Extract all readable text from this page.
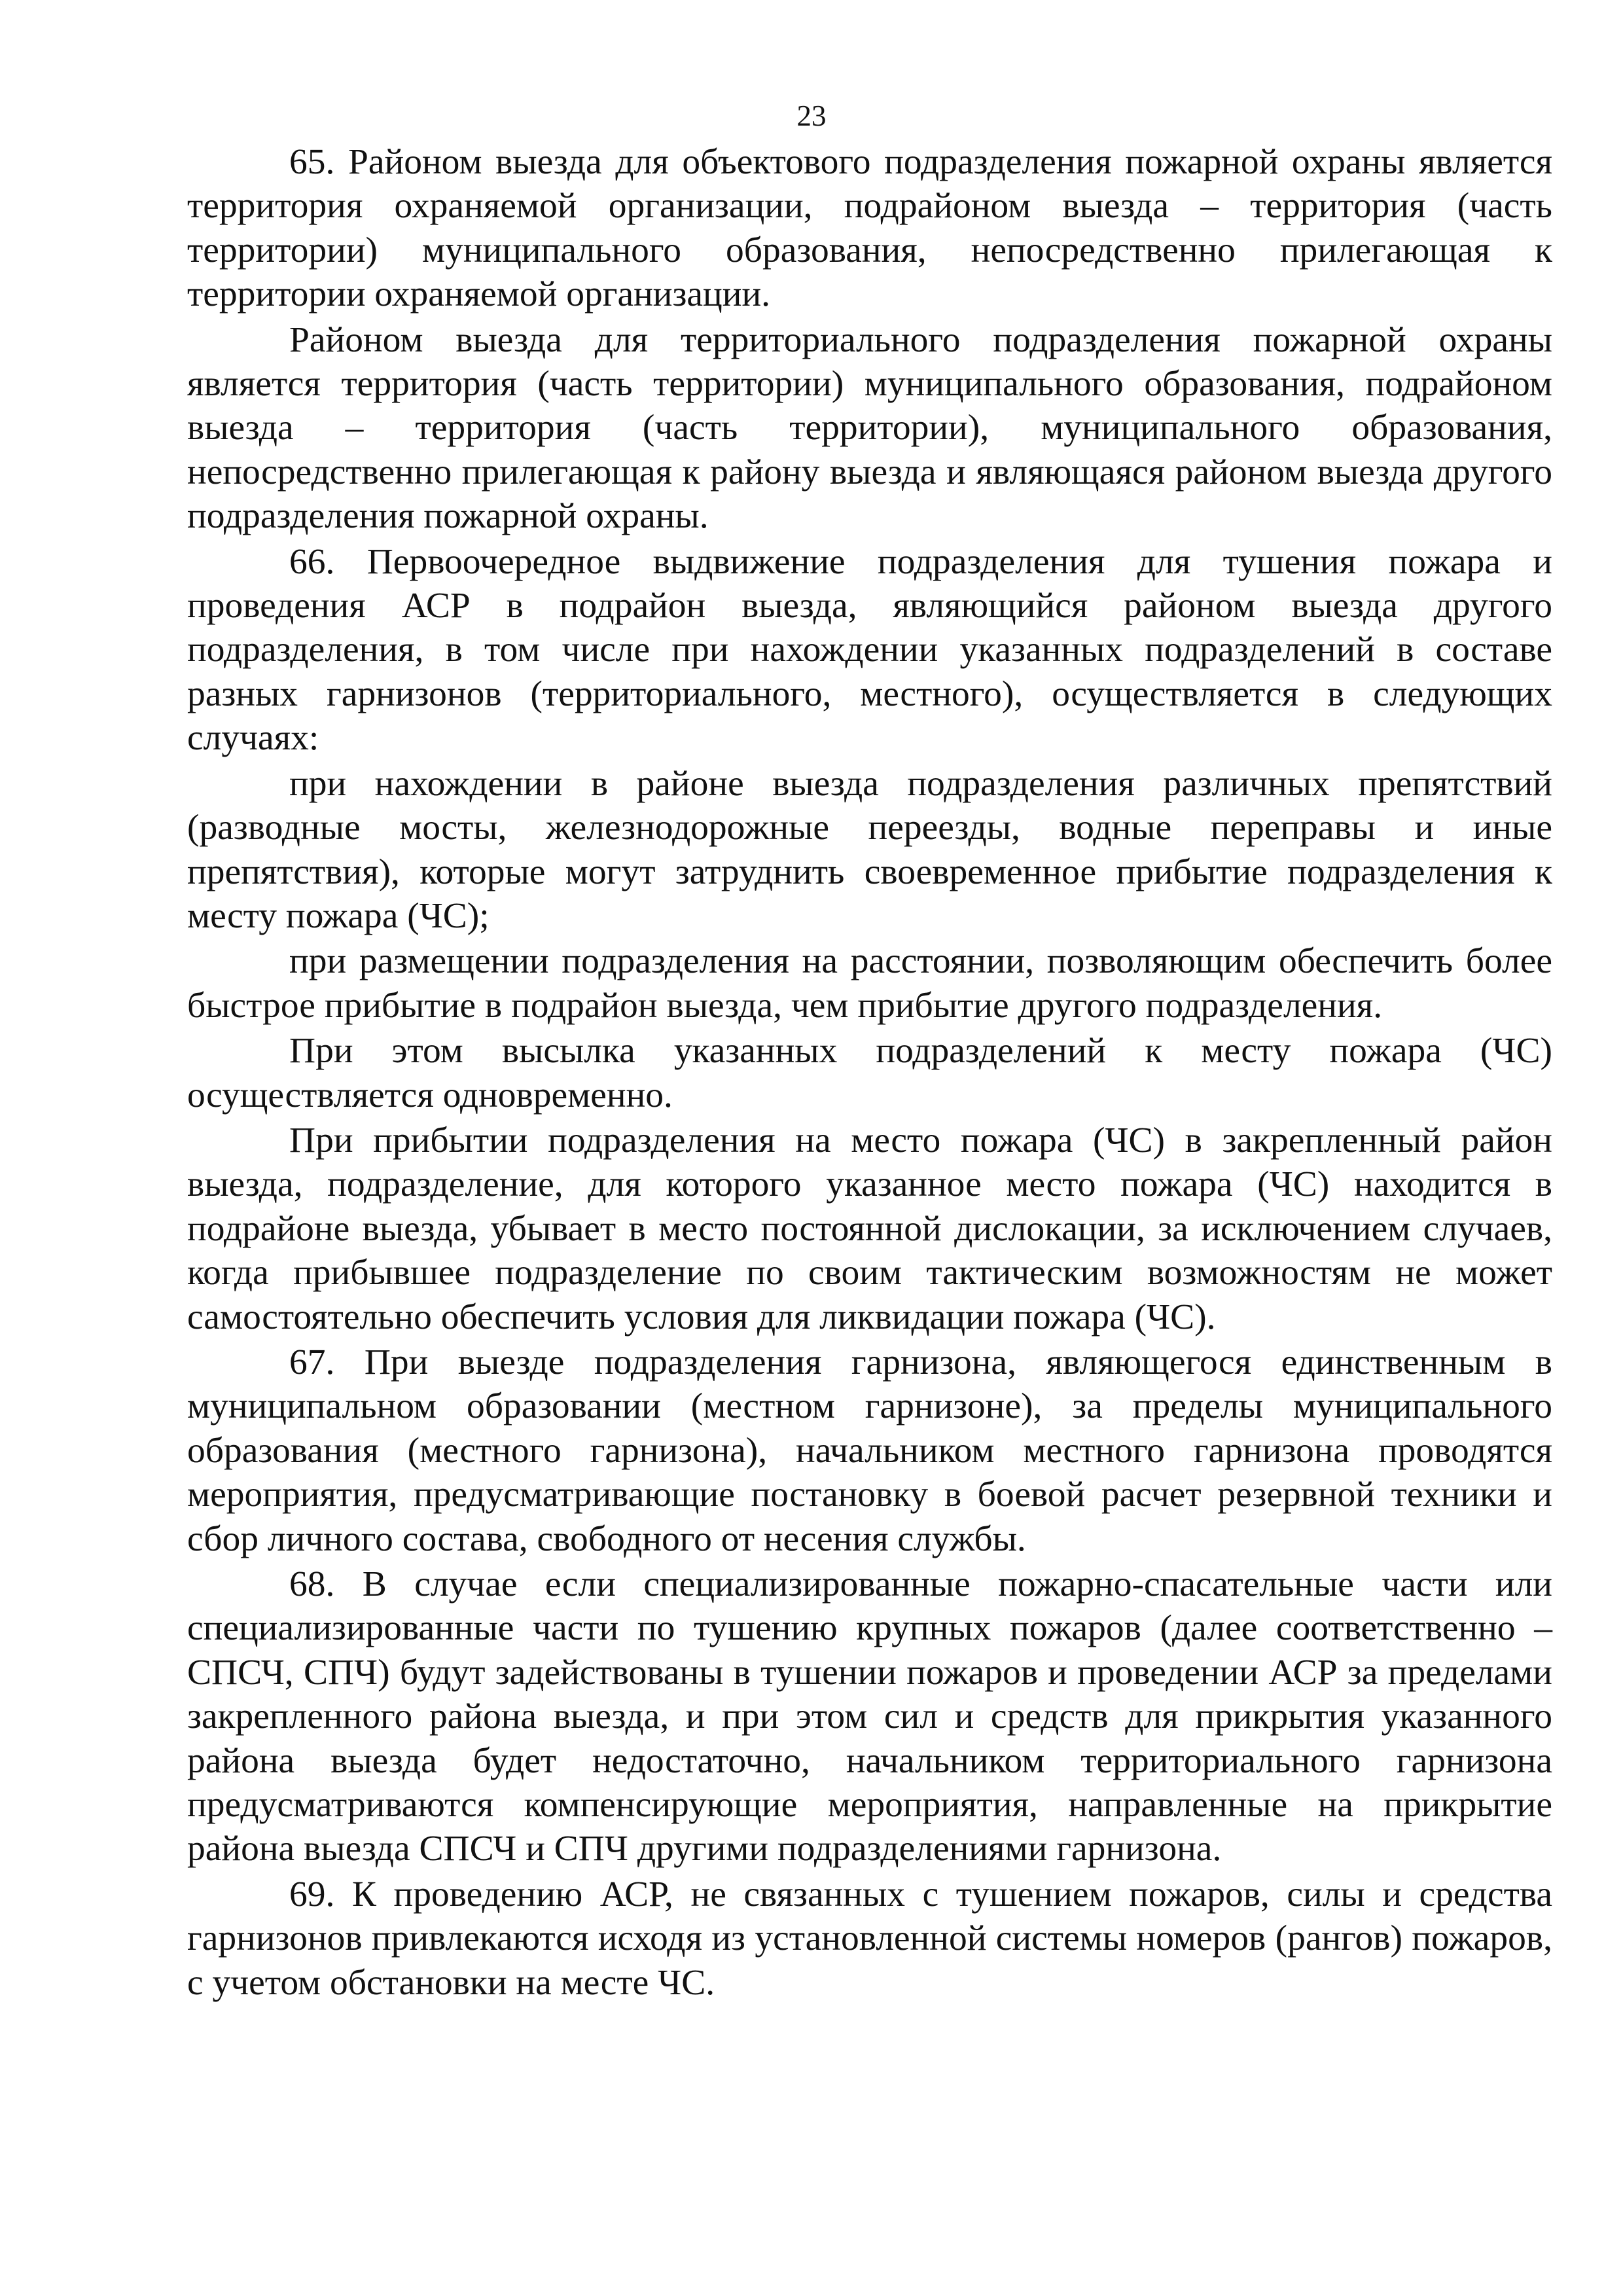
23

65. Районом выезда для объектового подразделения пожарной охраны является территория охраняемой организации, подрайоном выезда – территория (часть территории) муниципального образования, непосредственно прилегающая к территории охраняемой организации.

Районом выезда для территориального подразделения пожарной охраны является территория (часть территории) муниципального образования, подрайоном выезда – территория (часть территории), муниципального образования, непосредственно прилегающая к району выезда и являющаяся районом выезда другого подразделения пожарной охраны.

66. Первоочередное выдвижение подразделения для тушения пожара и проведения АСР в подрайон выезда, являющийся районом выезда другого подразделения, в том числе при нахождении указанных подразделений в составе разных гарнизонов (территориального, местного), осуществляется в следующих случаях:

при нахождении в районе выезда подразделения различных препятствий (разводные мосты, железнодорожные переезды, водные переправы и иные препятствия), которые могут затруднить своевременное прибытие подразделения к месту пожара (ЧС);

при размещении подразделения на расстоянии, позволяющим обеспечить более быстрое прибытие в подрайон выезда, чем прибытие другого подразделения.

При этом высылка указанных подразделений к месту пожара (ЧС) осуществляется одновременно.

При прибытии подразделения на место пожара (ЧС) в закрепленный район выезда, подразделение, для которого указанное место пожара (ЧС) находится в подрайоне выезда, убывает в место постоянной дислокации, за исключением случаев, когда прибывшее подразделение по своим тактическим возможностям не может самостоятельно обеспечить условия для ликвидации пожара (ЧС).

67. При выезде подразделения гарнизона, являющегося единственным в муниципальном образовании (местном гарнизоне), за пределы муниципального образования (местного гарнизона), начальником местного гарнизона проводятся мероприятия, предусматривающие постановку в боевой расчет резервной техники и сбор личного состава, свободного от несения службы.

68. В случае если специализированные пожарно-спасательные части или специализированные части по тушению крупных пожаров (далее соответственно – СПСЧ, СПЧ) будут задействованы в тушении пожаров и проведении АСР за пределами закрепленного района выезда, и при этом сил и средств для прикрытия указанного района выезда будет недостаточно, начальником территориального гарнизона предусматриваются компенсирующие мероприятия, направленные на прикрытие района выезда СПСЧ и СПЧ другими подразделениями гарнизона.

69. К проведению АСР, не связанных с тушением пожаров, силы и средства гарнизонов привлекаются исходя из установленной системы номеров (рангов) пожаров, с учетом обстановки на месте ЧС.
